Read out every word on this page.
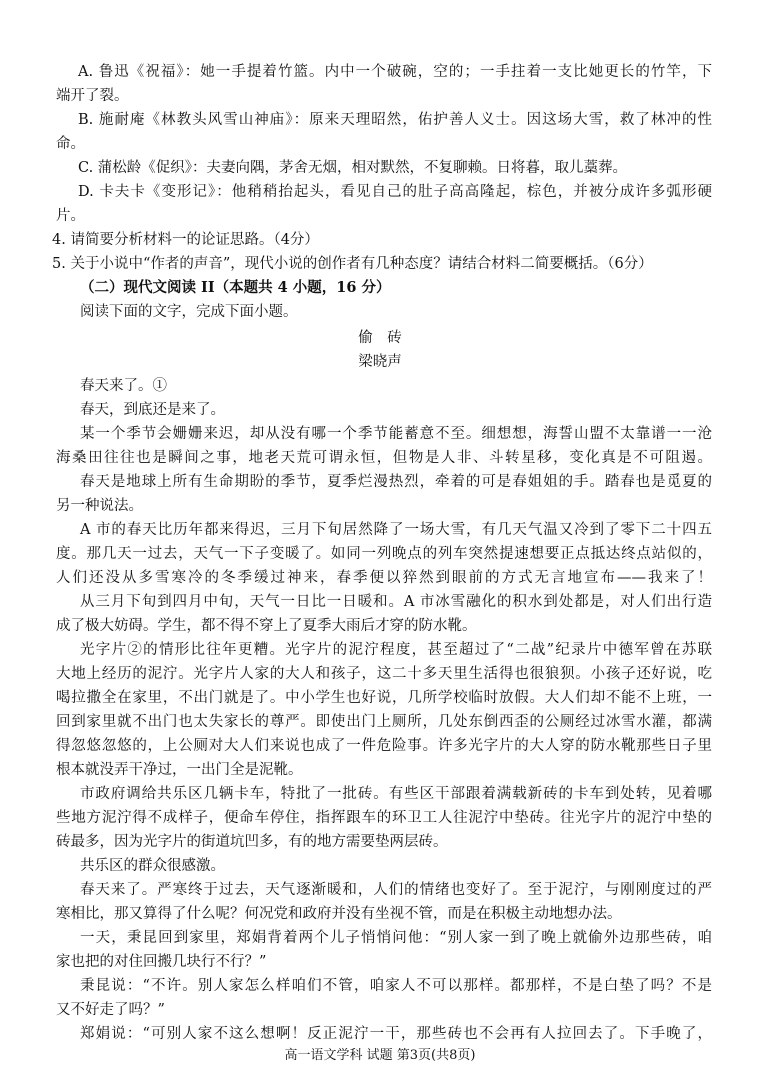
A. 鲁迅《祝福》：她一手提着竹篮。内中一个破碗，空的；一手拄着一支比她更长的竹竿，下
端开了裂。
B. 施耐庵《林教头风雪山神庙》：原来天理昭然，佑护善人义士。因这场大雪，救了林冲的性
命。
C. 蒲松龄《促织》：夫妻向隅，茅舍无烟，相对默然，不复聊赖。日将暮，取儿藁葬。
D. 卡夫卡《变形记》：他稍稍抬起头，看见自己的肚子高高隆起，棕色，并被分成许多弧形硬
片。
4. 请简要分析材料一的论证思路。（4分）
5. 关于小说中“作者的声音”，现代小说的创作者有几种态度？请结合材料二简要概括。（6分）
（二）现代文阅读 II（本题共 4 小题，16 分）
阅读下面的文字，完成下面小题。
偷　砖
梁晓声
春天来了。①
春天，到底还是来了。
某一个季节会姗姗来迟，却从没有哪一个季节能蓄意不至。细想想，海誓山盟不太靠谱一一沧
海桑田往往也是瞬间之事，地老天荒可谓永恒，但物是人非、斗转星移，变化真是不可阻遏。
春天是地球上所有生命期盼的季节，夏季烂漫热烈，牵着的可是春姐姐的手。踏春也是觅夏的
另一种说法。
A 市的春天比历年都来得迟，三月下旬居然降了一场大雪，有几天气温又冷到了零下二十四五
度。那几天一过去，天气一下子变暖了。如同一列晚点的列车突然提速想要正点抵达终点站似的，
人们还没从多雪寒冷的冬季缓过神来，春季便以猝然到眼前的方式无言地宣布——我来了！
从三月下旬到四月中旬，天气一日比一日暖和。A 市冰雪融化的积水到处都是，对人们出行造
成了极大妨碍。学生，都不得不穿上了夏季大雨后才穿的防水靴。
光字片②的情形比往年更糟。光字片的泥泞程度，甚至超过了“二战”纪录片中德军曾在苏联
大地上经历的泥泞。光字片人家的大人和孩子，这二十多天里生活得也很狼狈。小孩子还好说，吃
喝拉撒全在家里，不出门就是了。中小学生也好说，几所学校临时放假。大人们却不能不上班，一
回到家里就不出门也太失家长的尊严。即使出门上厕所，几处东倒西歪的公厕经过冰雪水灌，都满
得忽悠忽悠的，上公厕对大人们来说也成了一件危险事。许多光字片的大人穿的防水靴那些日子里
根本就没弄干净过，一出门全是泥靴。
市政府调给共乐区几辆卡车，特批了一批砖。有些区干部跟着满载新砖的卡车到处转，见着哪
些地方泥泞得不成样子，便命车停住，指挥跟车的环卫工人往泥泞中垫砖。往光字片的泥泞中垫的
砖最多，因为光字片的街道坑凹多，有的地方需要垫两层砖。
共乐区的群众很感激。
春天来了。严寒终于过去，天气逐渐暖和，人们的情绪也变好了。至于泥泞，与刚刚度过的严
寒相比，那又算得了什么呢？何况党和政府并没有坐视不管，而是在积极主动地想办法。
一天，秉昆回到家里，郑娟背着两个儿子悄悄问他：“别人家一到了晚上就偷外边那些砖，咱
家也把的对住回搬几块行不行？”
秉昆说：“不许。别人家怎么样咱们不管，咱家人不可以那样。都那样，不是白垫了吗？不是
又不好走了吗？”
郑娟说：“可别人家不这么想啊！反正泥泞一干，那些砖也不会再有人拉回去了。下手晚了，
高一语文学科 试题 第3页(共8页)
